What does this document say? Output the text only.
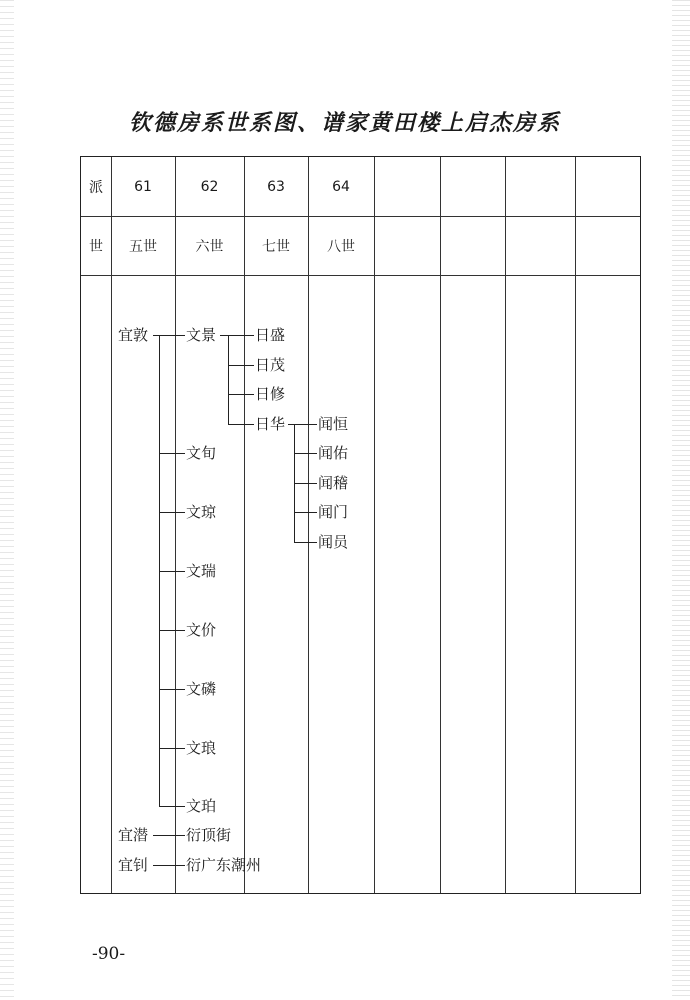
钦德房系世系图、谱家黄田楼上启杰房系
派	61	62	63	64
世	五世	六世	七世	八世
宜敦
宜潜
宜钊
文景
文旬
文琼
文瑞
文价
文磷
文琅
文珀
衍顶街
衍广东潮州
日盛
日茂
日修
日华 闻恒
闻佑
闻稽
闻门
闻员
-90-
